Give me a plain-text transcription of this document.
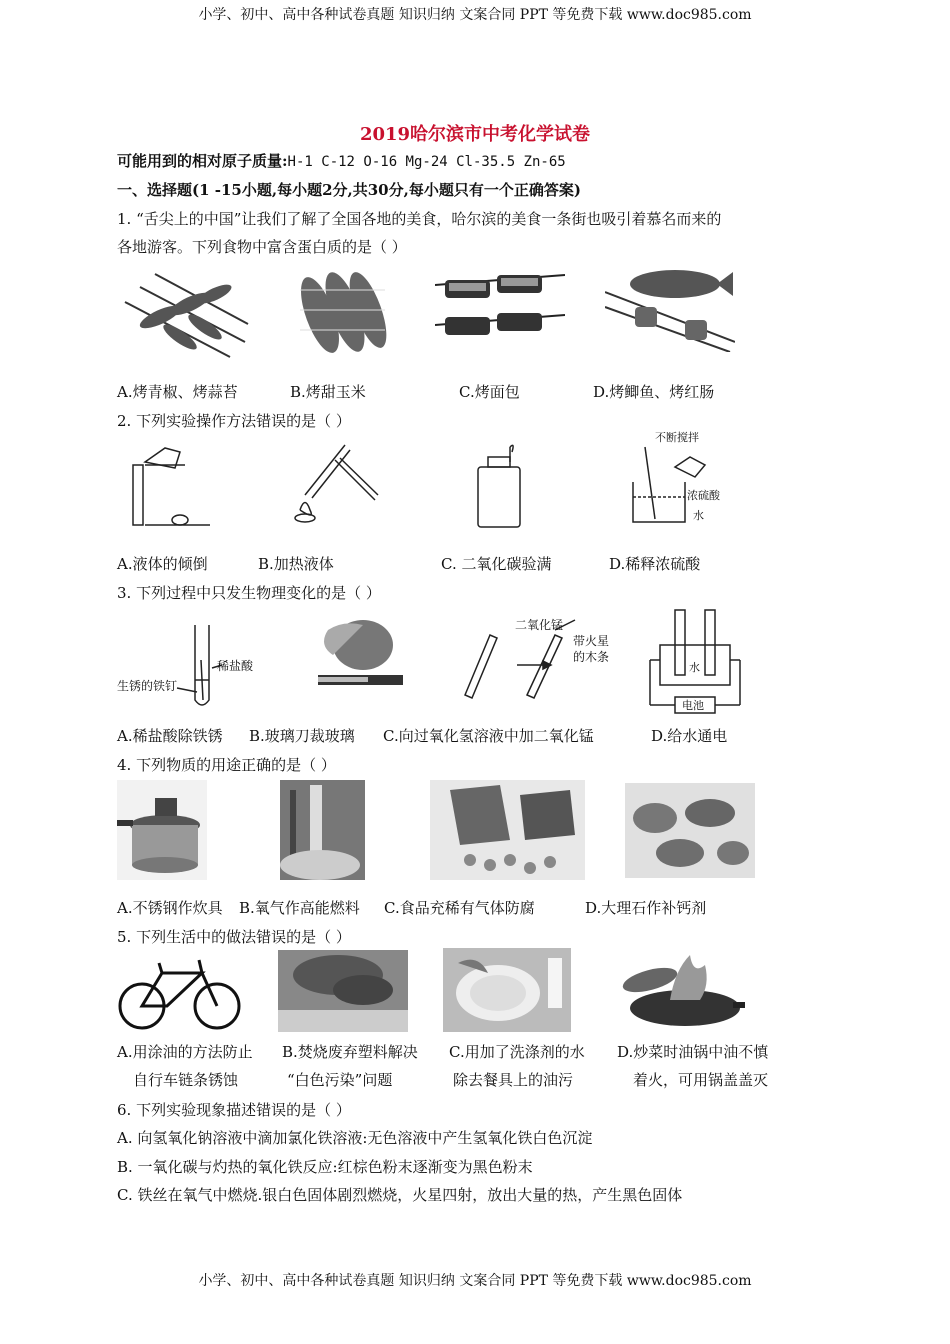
小学、初中、高中各种试卷真题 知识归纳 文案合同 PPT 等免费下载 www.doc985.com
2019哈尔滨市中考化学试卷
可能用到的相对原子质量:H-1 C-12 O-16 Mg-24 Cl-35.5 Zn-65
一、选择题(1 -15小题,每小题2分,共30分,每小题只有一个正确答案)
1. “舌尖上的中国”让我们了解了全国各地的美食，哈尔滨的美食一条街也吸引着慕名而来的
各地游客。下列食物中富含蛋白质的是（ ）
A.烤青椒、烤蒜苔	B.烤甜玉米	C.烤面包	D.烤鲫鱼、烤红肠
2. 下列实验操作方法错误的是（ ）
不断搅拌
浓硫酸
水
A.液体的倾倒	B.加热液体	C. 二氧化碳验满	D.稀释浓硫酸
3. 下列过程中只发生物理变化的是（ ）
稀盐酸
生锈的铁钉
二氧化锰
带火星
的木条
水
电池
A.稀盐酸除铁锈 B.玻璃刀裁玻璃 C.向过氧化氢溶液中加二氧化锰	D.给水通电
4. 下列物质的用途正确的是（ ）
A.不锈钢作炊具 B.氧气作高能燃料 C.食品充稀有气体防腐	D.大理石作补钙剂
5. 下列生活中的做法错误的是（ ）
A.用涂油的方法防止
自行车链条锈蚀
B.焚烧废弃塑料解决
“白色污染”问题
C.用加了洗涤剂的水
除去餐具上的油污
D.炒菜时油锅中油不慎
着火，可用锅盖盖灭
6. 下列实验现象描述错误的是（ ）
A. 向氢氧化钠溶液中滴加氯化铁溶液:无色溶液中产生氢氧化铁白色沉淀
B. 一氧化碳与灼热的氧化铁反应:红棕色粉末逐渐变为黑色粉末
C. 铁丝在氧气中燃烧.银白色固体剧烈燃烧，火星四射，放出大量的热，产生黑色固体
小学、初中、高中各种试卷真题 知识归纳 文案合同 PPT 等免费下载 www.doc985.com
